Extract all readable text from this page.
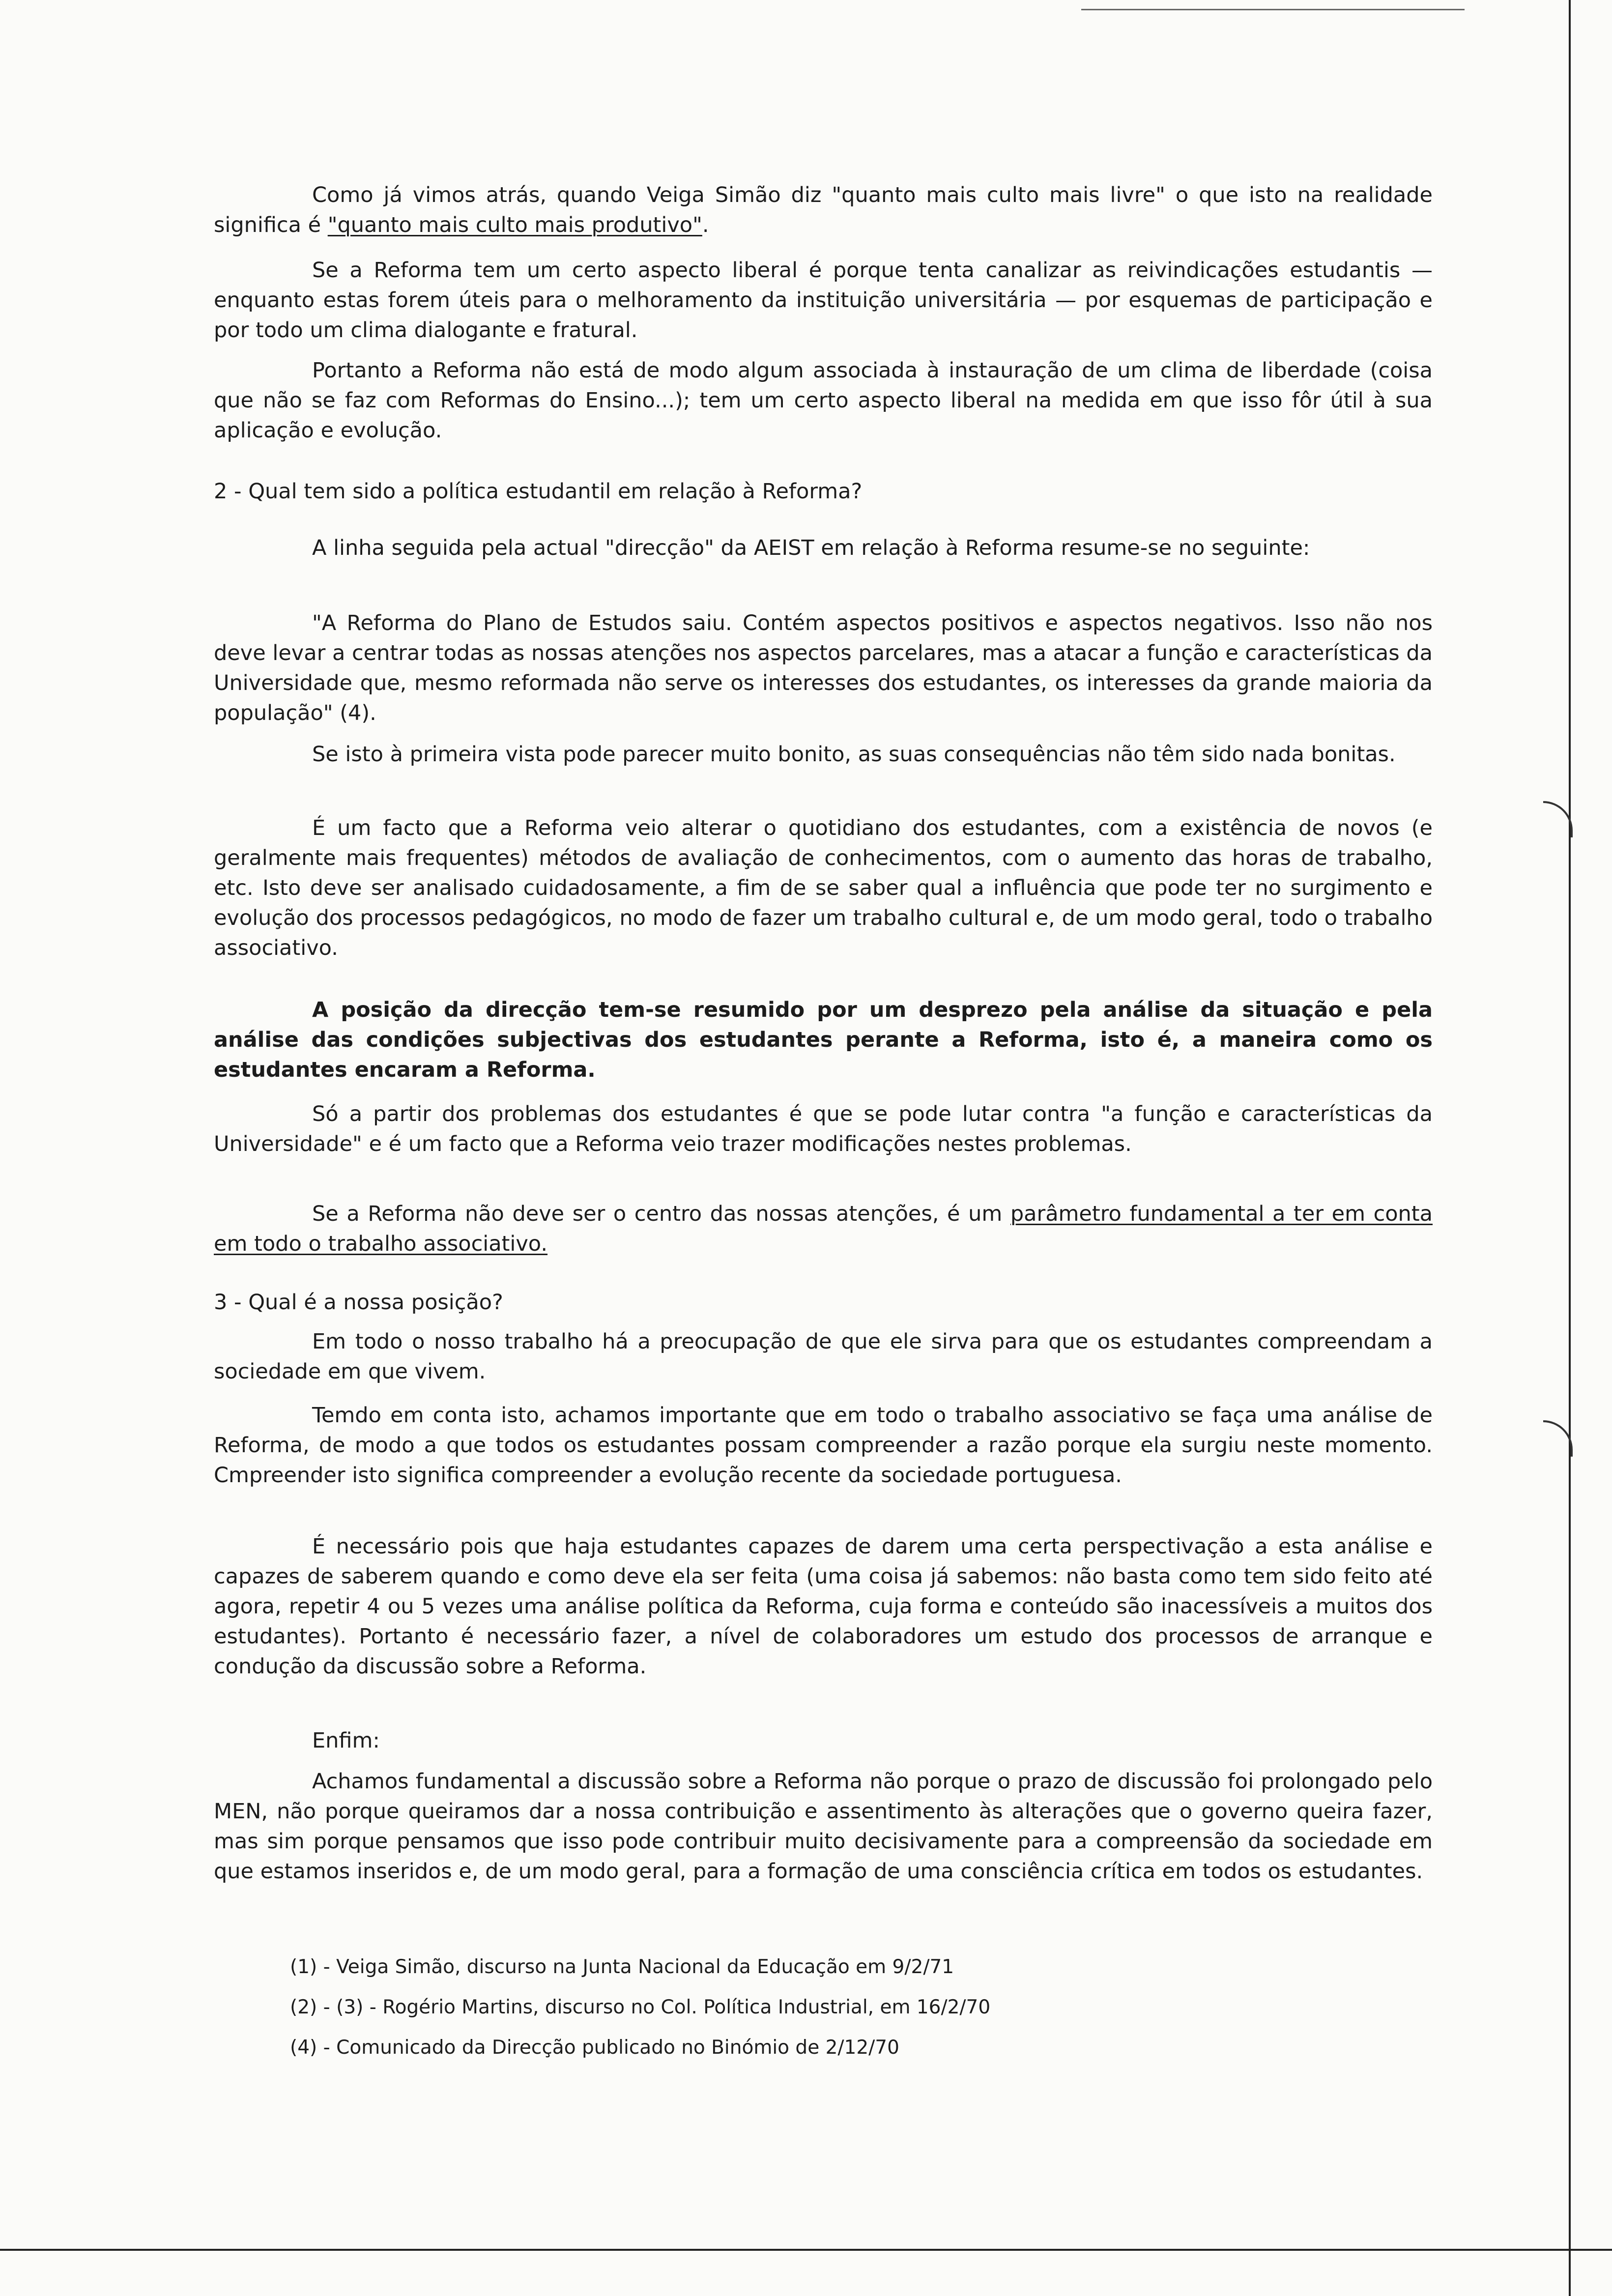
Como já vimos atrás, quando Veiga Simão diz "quanto mais culto mais livre" o que isto na realidade significa é "quanto mais culto mais produtivo".

Se a Reforma tem um certo aspecto liberal é porque tenta canalizar as reivindicações estudantis — enquanto estas forem úteis para o melhoramento da instituição universitária — por esquemas de participação e por todo um clima dialogante e fratural.

Portanto a Reforma não está de modo algum associada à instauração de um clima de liberdade (coisa que não se faz com Reformas do Ensino...); tem um certo aspecto liberal na medida em que isso fôr útil à sua aplicação e evolução.

2 - Qual tem sido a política estudantil em relação à Reforma?

A linha seguida pela actual "direcção" da AEIST em relação à Reforma resume-se no seguinte:

"A Reforma do Plano de Estudos saiu. Contém aspectos positivos e aspectos negativos. Isso não nos deve levar a centrar todas as nossas atenções nos aspectos parcelares, mas a atacar a função e características da Universidade que, mesmo reformada não serve os interesses dos estudantes, os interesses da grande maioria da população" (4).

Se isto à primeira vista pode parecer muito bonito, as suas consequências não têm sido nada bonitas.

É um facto que a Reforma veio alterar o quotidiano dos estudantes, com a existência de novos (e geralmente mais frequentes) métodos de avaliação de conhecimentos, com o aumento das horas de trabalho, etc. Isto deve ser analisado cuidadosamente, a fim de se saber qual a influência que pode ter no surgimento e evolução dos processos pedagógicos, no modo de fazer um trabalho cultural e, de um modo geral, todo o trabalho associativo.

A posição da direcção tem-se resumido por um desprezo pela análise da situação e pela análise das condições subjectivas dos estudantes perante a Reforma, isto é, a maneira como os estudantes encaram a Reforma.

Só a partir dos problemas dos estudantes é que se pode lutar contra "a função e características da Universidade" e é um facto que a Reforma veio trazer modificações nestes problemas.

Se a Reforma não deve ser o centro das nossas atenções, é um parâmetro fundamental a ter em conta em todo o trabalho associativo.

3 - Qual é a nossa posição?

Em todo o nosso trabalho há a preocupação de que ele sirva para que os estudantes compreendam a sociedade em que vivem.

Temdo em conta isto, achamos importante que em todo o trabalho associativo se faça uma análise de Reforma, de modo a que todos os estudantes possam compreender a razão porque ela surgiu neste momento. Cmpreender isto significa compreender a evolução recente da sociedade portuguesa.

É necessário pois que haja estudantes capazes de darem uma certa perspectivação a esta análise e capazes de saberem quando e como deve ela ser feita (uma coisa já sabemos: não basta como tem sido feito até agora, repetir 4 ou 5 vezes uma análise política da Reforma, cuja forma e conteúdo são inacessíveis a muitos dos estudantes). Portanto é necessário fazer, a nível de colaboradores um estudo dos processos de arranque e condução da discussão sobre a Reforma.

Enfim:

Achamos fundamental a discussão sobre a Reforma não porque o prazo de discussão foi prolongado pelo MEN, não porque queiramos dar a nossa contribuição e assentimento às alterações que o governo queira fazer, mas sim porque pensamos que isso pode contribuir muito decisivamente para a compreensão da sociedade em que estamos inseridos e, de um modo geral, para a formação de uma consciência crítica em todos os estudantes.

(1) - Veiga Simão, discurso na Junta Nacional da Educação em 9/2/71

(2) - (3) - Rogério Martins, discurso no Col. Política Industrial, em 16/2/70

(4) - Comunicado da Direcção publicado no Binómio de 2/12/70
